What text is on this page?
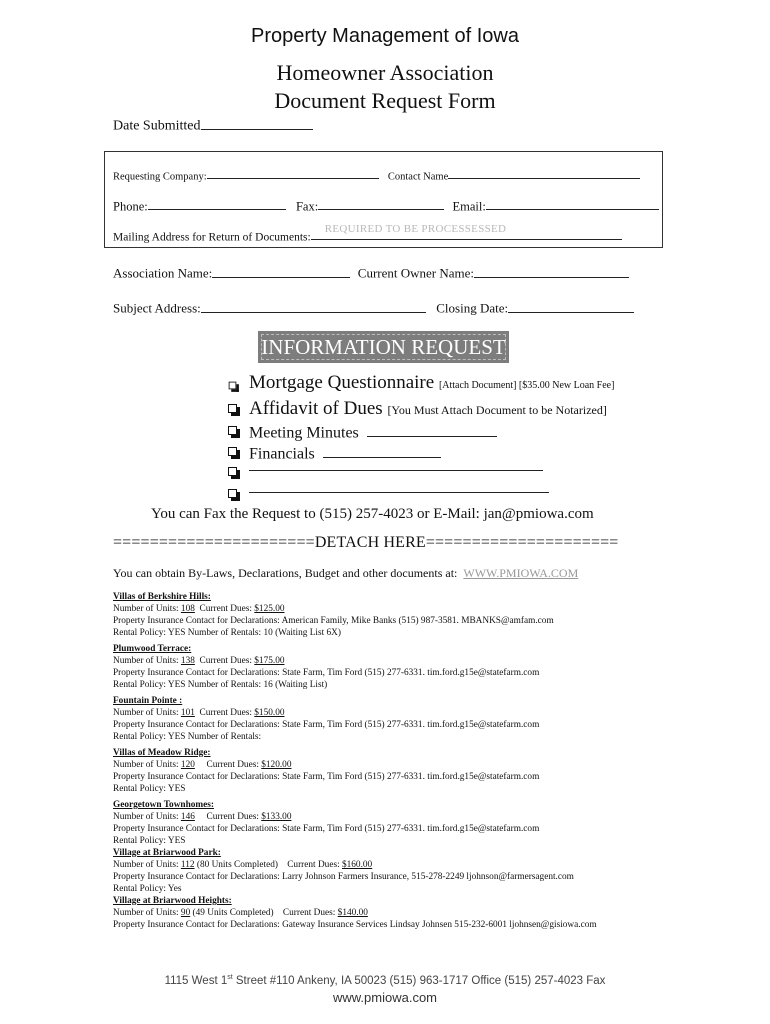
Property Management of Iowa
Homeowner Association
Document Request Form
Date Submitted
Requesting Company:	Contact Name
Phone:	Fax:	Email:
Mailing Address for Return of Documents:
REQUIRED TO BE PROCESSESSED
Association Name:	Current Owner Name:
Subject Address:	Closing Date:
INFORMATION REQUEST
Mortgage Questionnaire [Attach Document] [$35.00 New Loan Fee]
Affidavit of Dues [You Must Attach Document to be Notarized]
Meeting Minutes
Financials
You can Fax the Request to (515) 257-4023 or E-Mail: jan@pmiowa.com
======================DETACH HERE=====================
You can obtain By-Laws, Declarations, Budget and other documents at: WWW.PMIOWA.COM
Villas of Berkshire Hills:
Number of Units: 108 Current Dues: $125.00
Property Insurance Contact for Declarations: American Family, Mike Banks (515) 987-3581. MBANKS@amfam.com
Rental Policy: YES Number of Rentals: 10 (Waiting List 6X)
Plumwood Terrace:
Number of Units: 138 Current Dues: $175.00
Property Insurance Contact for Declarations: State Farm, Tim Ford (515) 277-6331. tim.ford.g15e@statefarm.com
Rental Policy: YES Number of Rentals: 16 (Waiting List)
Fountain Pointe :
Number of Units: 101 Current Dues: $150.00
Property Insurance Contact for Declarations: State Farm, Tim Ford (515) 277-6331. tim.ford.g15e@statefarm.com
Rental Policy: YES Number of Rentals:
Villas of Meadow Ridge:
Number of Units: 120 Current Dues: $120.00
Property Insurance Contact for Declarations: State Farm, Tim Ford (515) 277-6331. tim.ford.g15e@statefarm.com
Rental Policy: YES
Georgetown Townhomes:
Number of Units: 146 Current Dues: $133.00
Property Insurance Contact for Declarations: State Farm, Tim Ford (515) 277-6331. tim.ford.g15e@statefarm.com
Rental Policy: YES
Village at Briarwood Park:
Number of Units: 112 (80 Units Completed) Current Dues: $160.00
Property Insurance Contact for Declarations: Larry Johnson Farmers Insurance, 515-278-2249 ljohnson@farmersagent.com
Rental Policy: Yes
Village at Briarwood Heights:
Number of Units: 90 (49 Units Completed) Current Dues: $140.00
Property Insurance Contact for Declarations: Gateway Insurance Services Lindsay Johnsen 515-232-6001 ljohnsen@gisiowa.com
1115 West 1st Street #110 Ankeny, IA 50023 (515) 963-1717 Office (515) 257-4023 Fax
www.pmiowa.com
